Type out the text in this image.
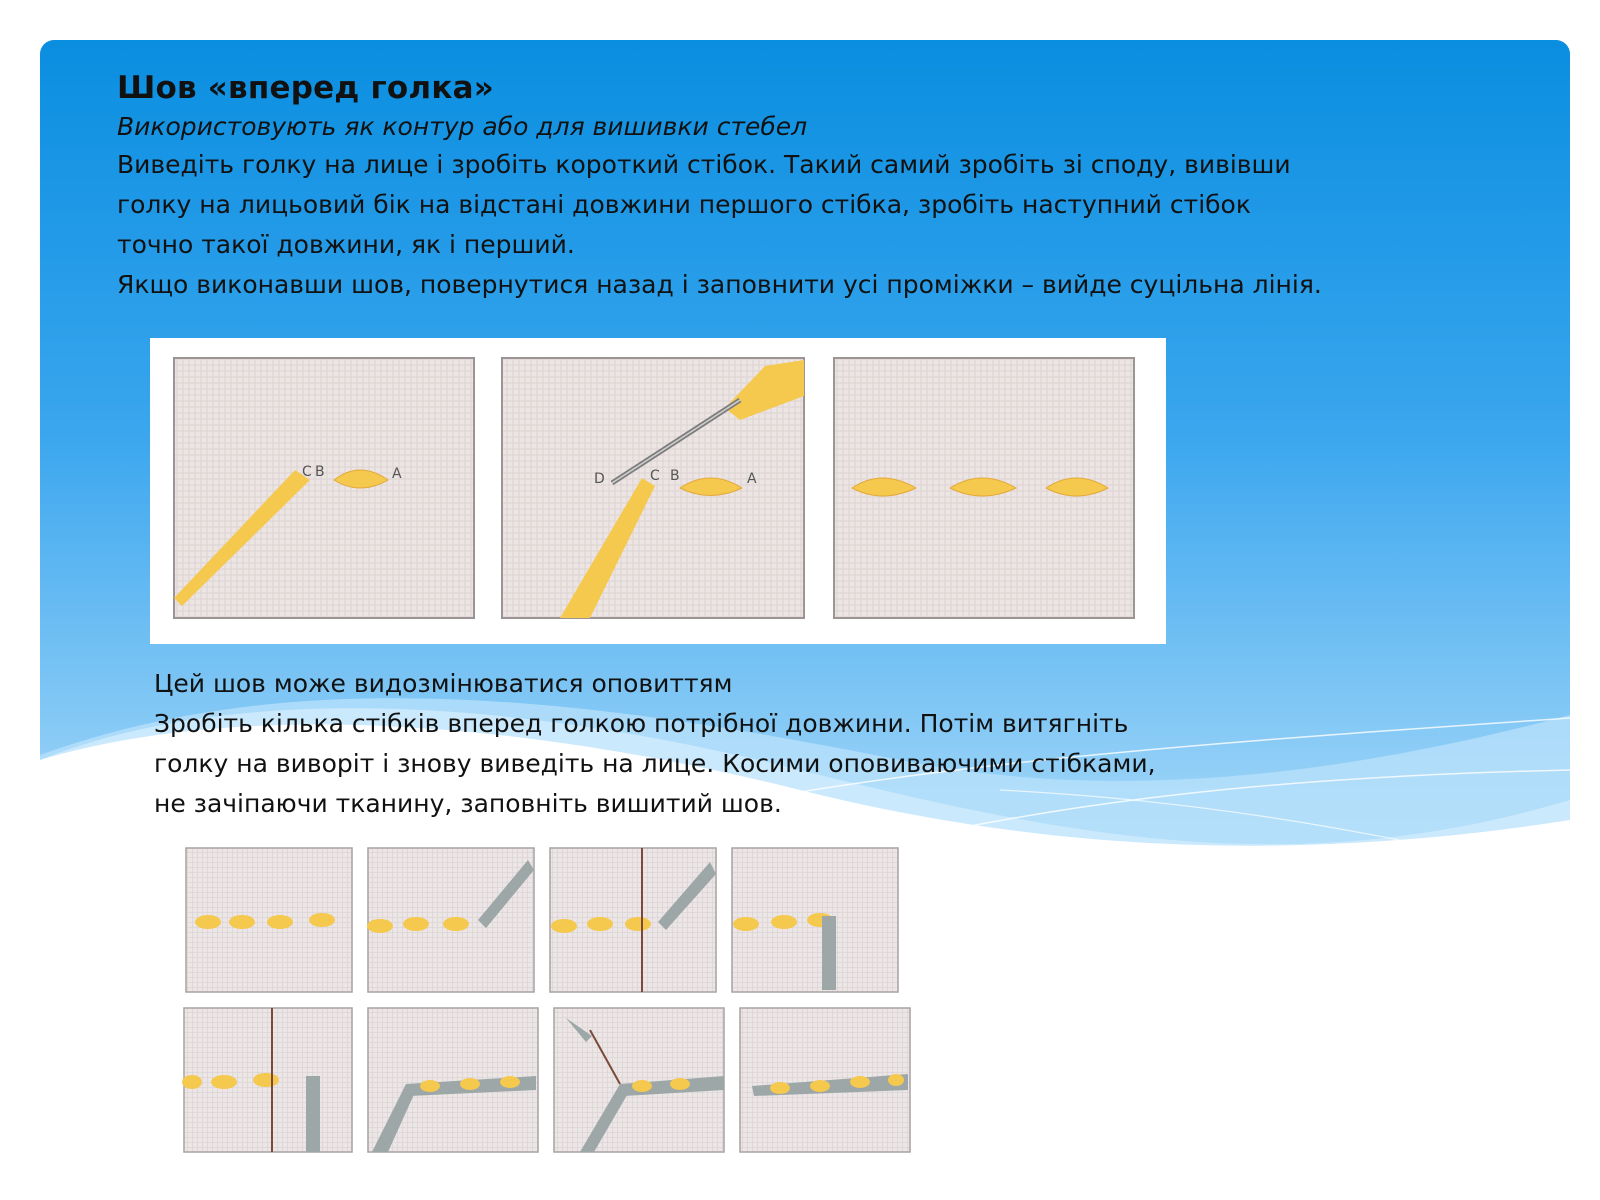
Шов «вперед голка»

Використовують як контур або для вишивки стебел

Виведіть голку на лице і зробіть короткий стібок. Такий самий зробіть зі споду, вивівши

голку на лицьовий бік на відстані довжини першого стібка, зробіть наступний стібок

точно такої довжини, як і перший.

Якщо виконавши шов, повернутися назад і заповнити усі проміжки – вийде суцільна лінія.

C B	A	D	C B	A

Цей шов може видозмінюватися оповиттям

Зробіть кілька стібків вперед голкою потрібної довжини. Потім витягніть

голку на виворіт і знову виведіть на лице. Косими оповиваючими стібками,

не зачіпаючи тканину, заповніть вишитий шов.
